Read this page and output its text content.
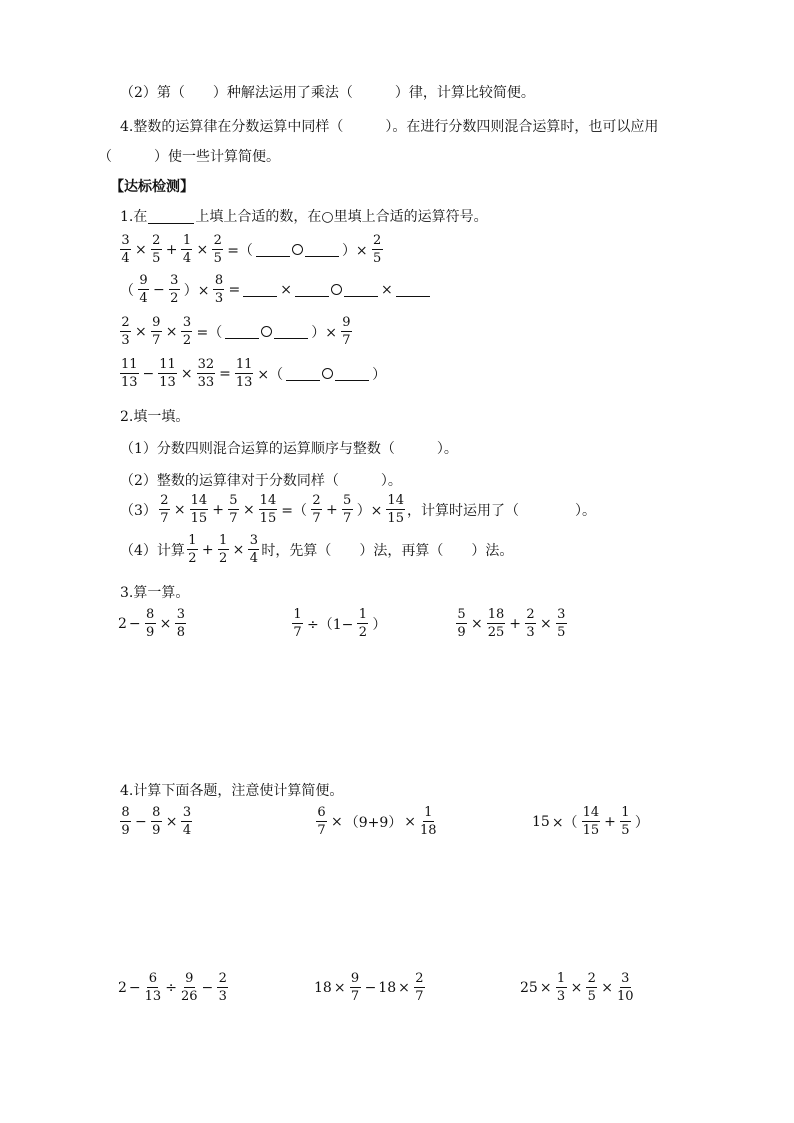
（2）第（　　）种解法运用了乘法（　　　）律，计算比较简便。
4.整数的运算律在分数运算中同样（　　　）。在进行分数四则混合运算时，也可以应用
（　　　）使一些计算简便。
【达标检测】
1.在	上填上合适的数，在○里填上合适的运算符号。
$\frac{3}{4} \times \frac{2}{5} + \frac{1}{4} \times \frac{2}{5}$ =（	）× $\frac{2}{5}$
（ $\frac{9}{4} - \frac{3}{2}$ ）× $\frac{8}{3}$ =	×	×
$\frac{2}{3} \times \frac{9}{7} \times \frac{3}{2}$ =（	）× $\frac{9}{7}$
$\frac{11}{13} - \frac{11}{13} \times \frac{32}{33} = \frac{11}{13}$ ×（	）
2.填一填。
（1）分数四则混合运算的运算顺序与整数（　　　）。
（2）整数的运算律对于分数同样（　　　）。
$(3) \frac{2}{7} \times \frac{14}{15} + \frac{5}{7} \times \frac{14}{15}$ =（ $\frac{2}{7} + \frac{5}{7}$ ）× $\frac{14}{15}$ ，计算时运用了（　　　　）。
（4）计算 $\frac{1}{2} + \frac{1}{2} \times \frac{3}{4}$ 时，先算（　　）法，再算（　　）法。
3.算一算。
$2 - \frac{8}{9} \times \frac{3}{8}$	$\frac{1}{7} \div(1- \frac{1}{2}$ ）	$\frac{5}{9} \times \frac{18}{25} + \frac{2}{3} \times \frac{3}{5}$
4.计算下面各题，注意使计算简便。
$\frac{8}{9} - \frac{8}{9} \times \frac{3}{4}$	$\frac{6}{7} \times (9+9) \times \frac{1}{18}$	15 ×（ $\frac{14}{15} + \frac{1}{5}$ ）
$2 - \frac{6}{13} \div \frac{9}{26} - \frac{2}{3}$	$18 \times \frac{9}{7} - 18 \times \frac{2}{7}$	$25 \times \frac{1}{3} \times \frac{2}{5} \times \frac{3}{10}$
